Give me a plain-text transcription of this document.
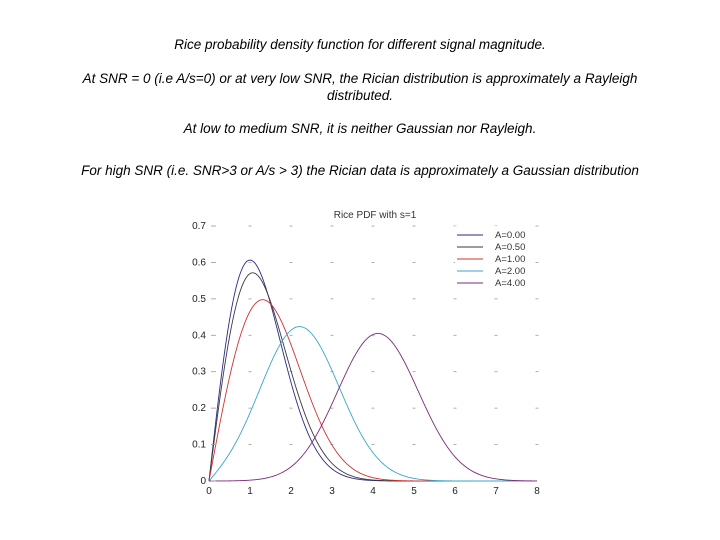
Rice probability density function for different signal magnitude.
At SNR = 0 (i.e A/s=0) or at very low SNR, the Rician distribution is approximately a Rayleigh distributed.
At low to medium SNR, it is neither Gaussian nor Rayleigh.
For high SNR (i.e. SNR>3 or A/s > 3) the Rician data is approximately a Gaussian distribution
Rice PDF with s=1
0	1	2	3	4	5	6	7	8
0
0.1
0.2
0.3
0.4
0.5
0.6
0.7
A=0.00
A=0.50
A=1.00
A=2.00
A=4.00
